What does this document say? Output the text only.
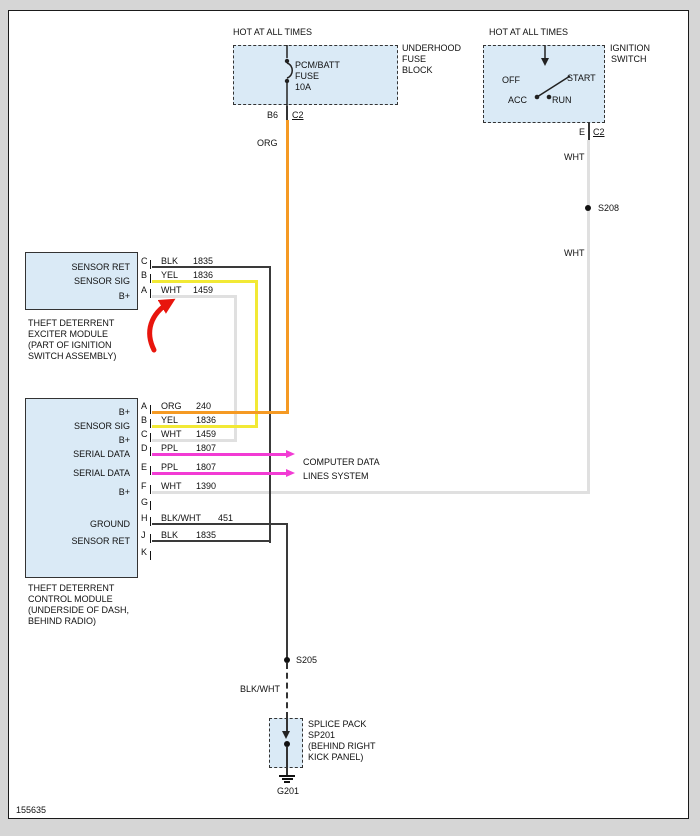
HOT AT ALL TIMES
PCM/BATT
FUSE
10A
UNDERHOOD
FUSE
BLOCK
B6 C2
ORG
HOT AT ALL TIMES
OFF
ACC	RUN
START
IGNITION
SWITCH
E C2
WHT
S208
WHT
COMPUTER DATA
LINES SYSTEM
SENSOR RET
SENSOR SIG
B+
C BLK 1835
B YEL 1836
A WHT 1459
THEFT DETERRENT
EXCITER MODULE
(PART OF IGNITION
SWITCH ASSEMBLY)
B+
SENSOR SIG
B+
SERIAL DATA
SERIAL DATA
B+
GROUND
SENSOR RET
A ORG 240
B YEL 1836
C WHT 1459
D PPL 1807
E PPL 1807
F WHT 1390
G
H BLK/WHT 451
J BLK 1835
K
THEFT DETERRENT
CONTROL MODULE
(UNDERSIDE OF DASH,
BEHIND RADIO)
S205
BLK/WHT
SPLICE PACK
SP201
(BEHIND RIGHT
KICK PANEL)
G201
155635
